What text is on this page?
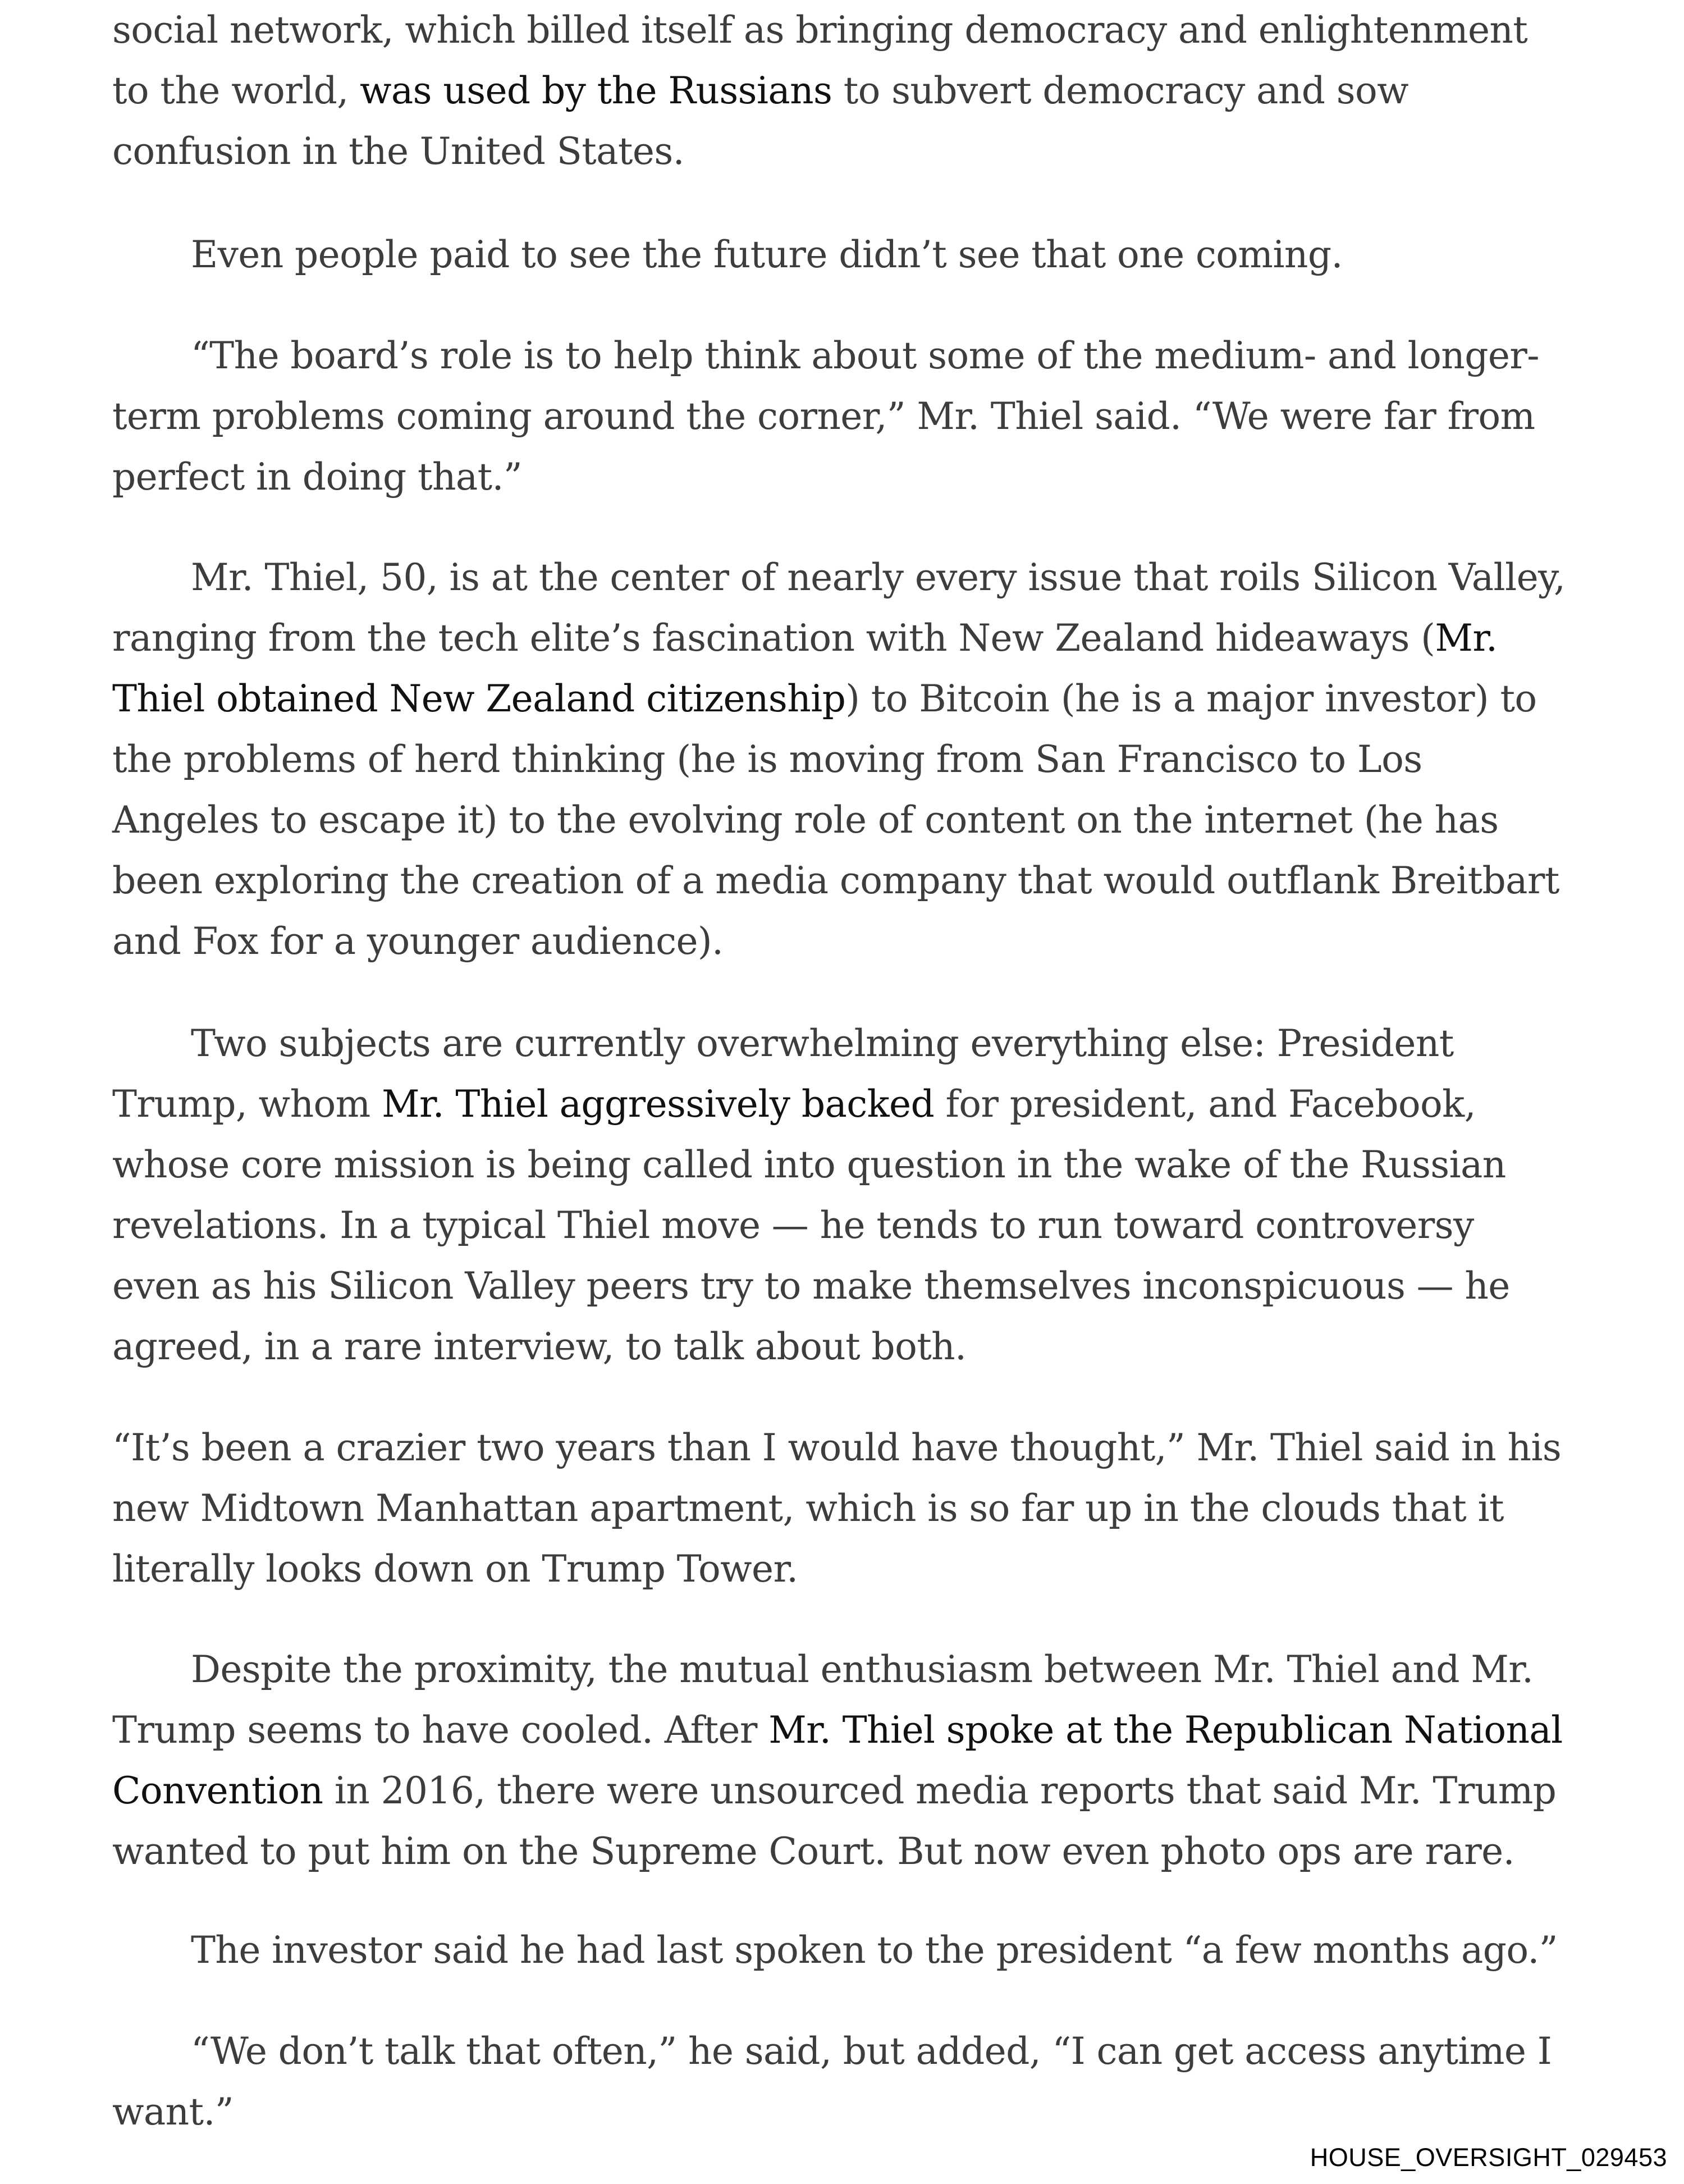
social network, which billed itself as bringing democracy and enlightenment to the world, was used by the Russians to subvert democracy and sow confusion in the United States.

Even people paid to see the future didn’t see that one coming.

“The board’s role is to help think about some of the medium- and longer-term problems coming around the corner,” Mr. Thiel said. “We were far from perfect in doing that.”

Mr. Thiel, 50, is at the center of nearly every issue that roils Silicon Valley, ranging from the tech elite’s fascination with New Zealand hideaways (Mr. Thiel obtained New Zealand citizenship) to Bitcoin (he is a major investor) to the problems of herd thinking (he is moving from San Francisco to Los Angeles to escape it) to the evolving role of content on the internet (he has been exploring the creation of a media company that would outflank Breitbart and Fox for a younger audience).

Two subjects are currently overwhelming everything else: President Trump, whom Mr. Thiel aggressively backed for president, and Facebook, whose core mission is being called into question in the wake of the Russian revelations. In a typical Thiel move — he tends to run toward controversy even as his Silicon Valley peers try to make themselves inconspicuous — he agreed, in a rare interview, to talk about both.

“It’s been a crazier two years than I would have thought,” Mr. Thiel said in his new Midtown Manhattan apartment, which is so far up in the clouds that it literally looks down on Trump Tower.

Despite the proximity, the mutual enthusiasm between Mr. Thiel and Mr. Trump seems to have cooled. After Mr. Thiel spoke at the Republican National Convention in 2016, there were unsourced media reports that said Mr. Trump wanted to put him on the Supreme Court. But now even photo ops are rare.

The investor said he had last spoken to the president “a few months ago.”

“We don’t talk that often,” he said, but added, “I can get access anytime I want.”

HOUSE_OVERSIGHT_029453
